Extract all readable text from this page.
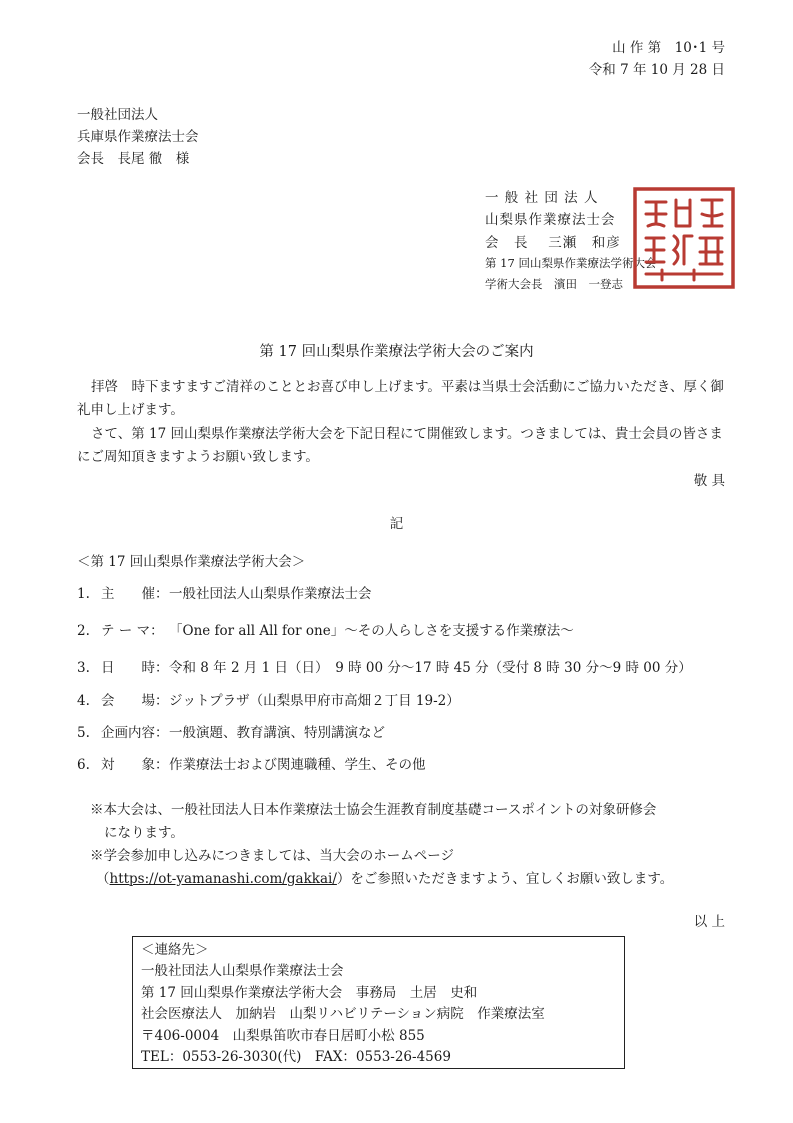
山 作 第　10･1 号
令和 7 年 10 月 28 日
一般社団法人
兵庫県作業療法士会
会長　長尾 徹　様
一 般 社 団 法 人
山梨県作業療法士会
会　長　 三瀬　和彦
第 17 回山梨県作業療法学術大会
学術大会長　濱田　一登志
第 17 回山梨県作業療法学術大会のご案内
拝啓　時下ますますご清祥のこととお喜び申し上げます。平素は当県士会活動にご協力いただき、厚く御礼申し上げます。
さて、第 17 回山梨県作業療法学術大会を下記日程にて開催致します。つきましては、貴士会員の皆さまにご周知頂きますようお願い致します。
敬 具
記
＜第 17 回山梨県作業療法学術大会＞
1. 主　　催：一般社団法人山梨県作業療法士会
2. テ ー マ： 「One for all All for one」～その人らしさを支援する作業療法～
3. 日　　時：令和 8 年 2 月 1 日（日）　9 時 00 分～17 時 45 分（受付 8 時 30 分～9 時 00 分）
4. 会　　場：ジットプラザ（山梨県甲府市高畑２丁目 19-2）
5. 企画内容：一般演題、教育講演、特別講演など
6. 対　　象：作業療法士および関連職種、学生、その他
※本大会は、一般社団法人日本作業療法士協会生涯教育制度基礎コースポイントの対象研修会
になります。
※学会参加申し込みにつきましては、当大会のホームページ
（https://ot-yamanashi.com/gakkai/）をご参照いただきますよう、宜しくお願い致します。
以 上
＜連絡先＞
一般社団法人山梨県作業療法士会
第 17 回山梨県作業療法学術大会　事務局　土居　史和
社会医療法人　加納岩　山梨リハビリテーション病院　作業療法室
〒406-0004　山梨県笛吹市春日居町小松 855
TEL：0553-26-3030(代)　FAX：0553-26-4569
